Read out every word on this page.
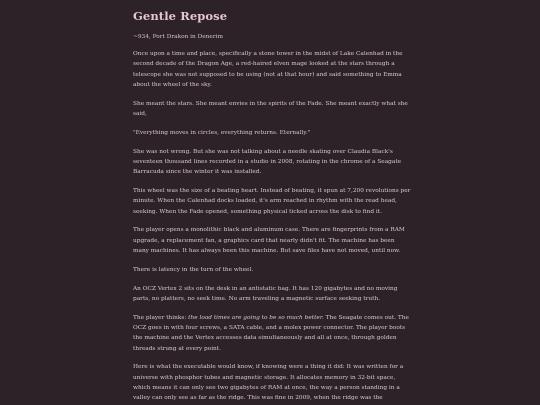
Gentle Repose

~934, Port Drakon in Denerim

Once upon a time and place, specifically a stone tower in the midst of Lake Calenhad in the second decade of the Dragon Age, a red-haired elven mage looked at the stars through a telescope she was not supposed to be using (not at that hour) and said something to Emma about the wheel of the sky.

She meant the stars. She meant envies in the spirits of the Fade. She meant exactly what she said,

"Everything moves in circles, everything returns. Eternally."

She was not wrong. But she was not talking about a needle skating over Claudia Black's seventeen thousand lines recorded in a studio in 2008, rotating in the chrome of a Seagate Barracuda since the winter it was installed.

This wheel was the size of a beating heart. Instead of beating, it spun at 7,200 revolutions per minute. When the Calenhad docks loaded, it's arm reached in rhythm with the read head, seeking. When the Fade opened, something physical ticked across the disk to find it.

The player opens a monolithic black and aluminum case. There are fingerprints from a RAM upgrade, a replacement fan, a graphics card that nearly didn't fit. The machine has been many machines. It has always been this machine. But save files have not moved, until now.

There is latency in the turn of the wheel.

An OCZ Vertex 2 sits on the desk in an antistatic bag. It has 120 gigabytes and no moving parts, no platters, no seek time. No arm traveling a magnetic surface seeking truth.

The player thinks: the load times are going to be so much better. The Seagate comes out. The OCZ goes in with four screws, a SATA cable, and a molex power connector. The player boots the machine and the Vertex accesses data simultaneously and all at once, through golden threads strung at every point.

Here is what the executable would know, if knowing were a thing it did: It was written for a universe with phosphor tubes and magnetic storage. It allocates memory in 32-bit space, which means it can only see two gigabytes of RAM at once, the way a person standing in a valley can only see as far as the ridge. This was fine in 2009, when the ridge was the
